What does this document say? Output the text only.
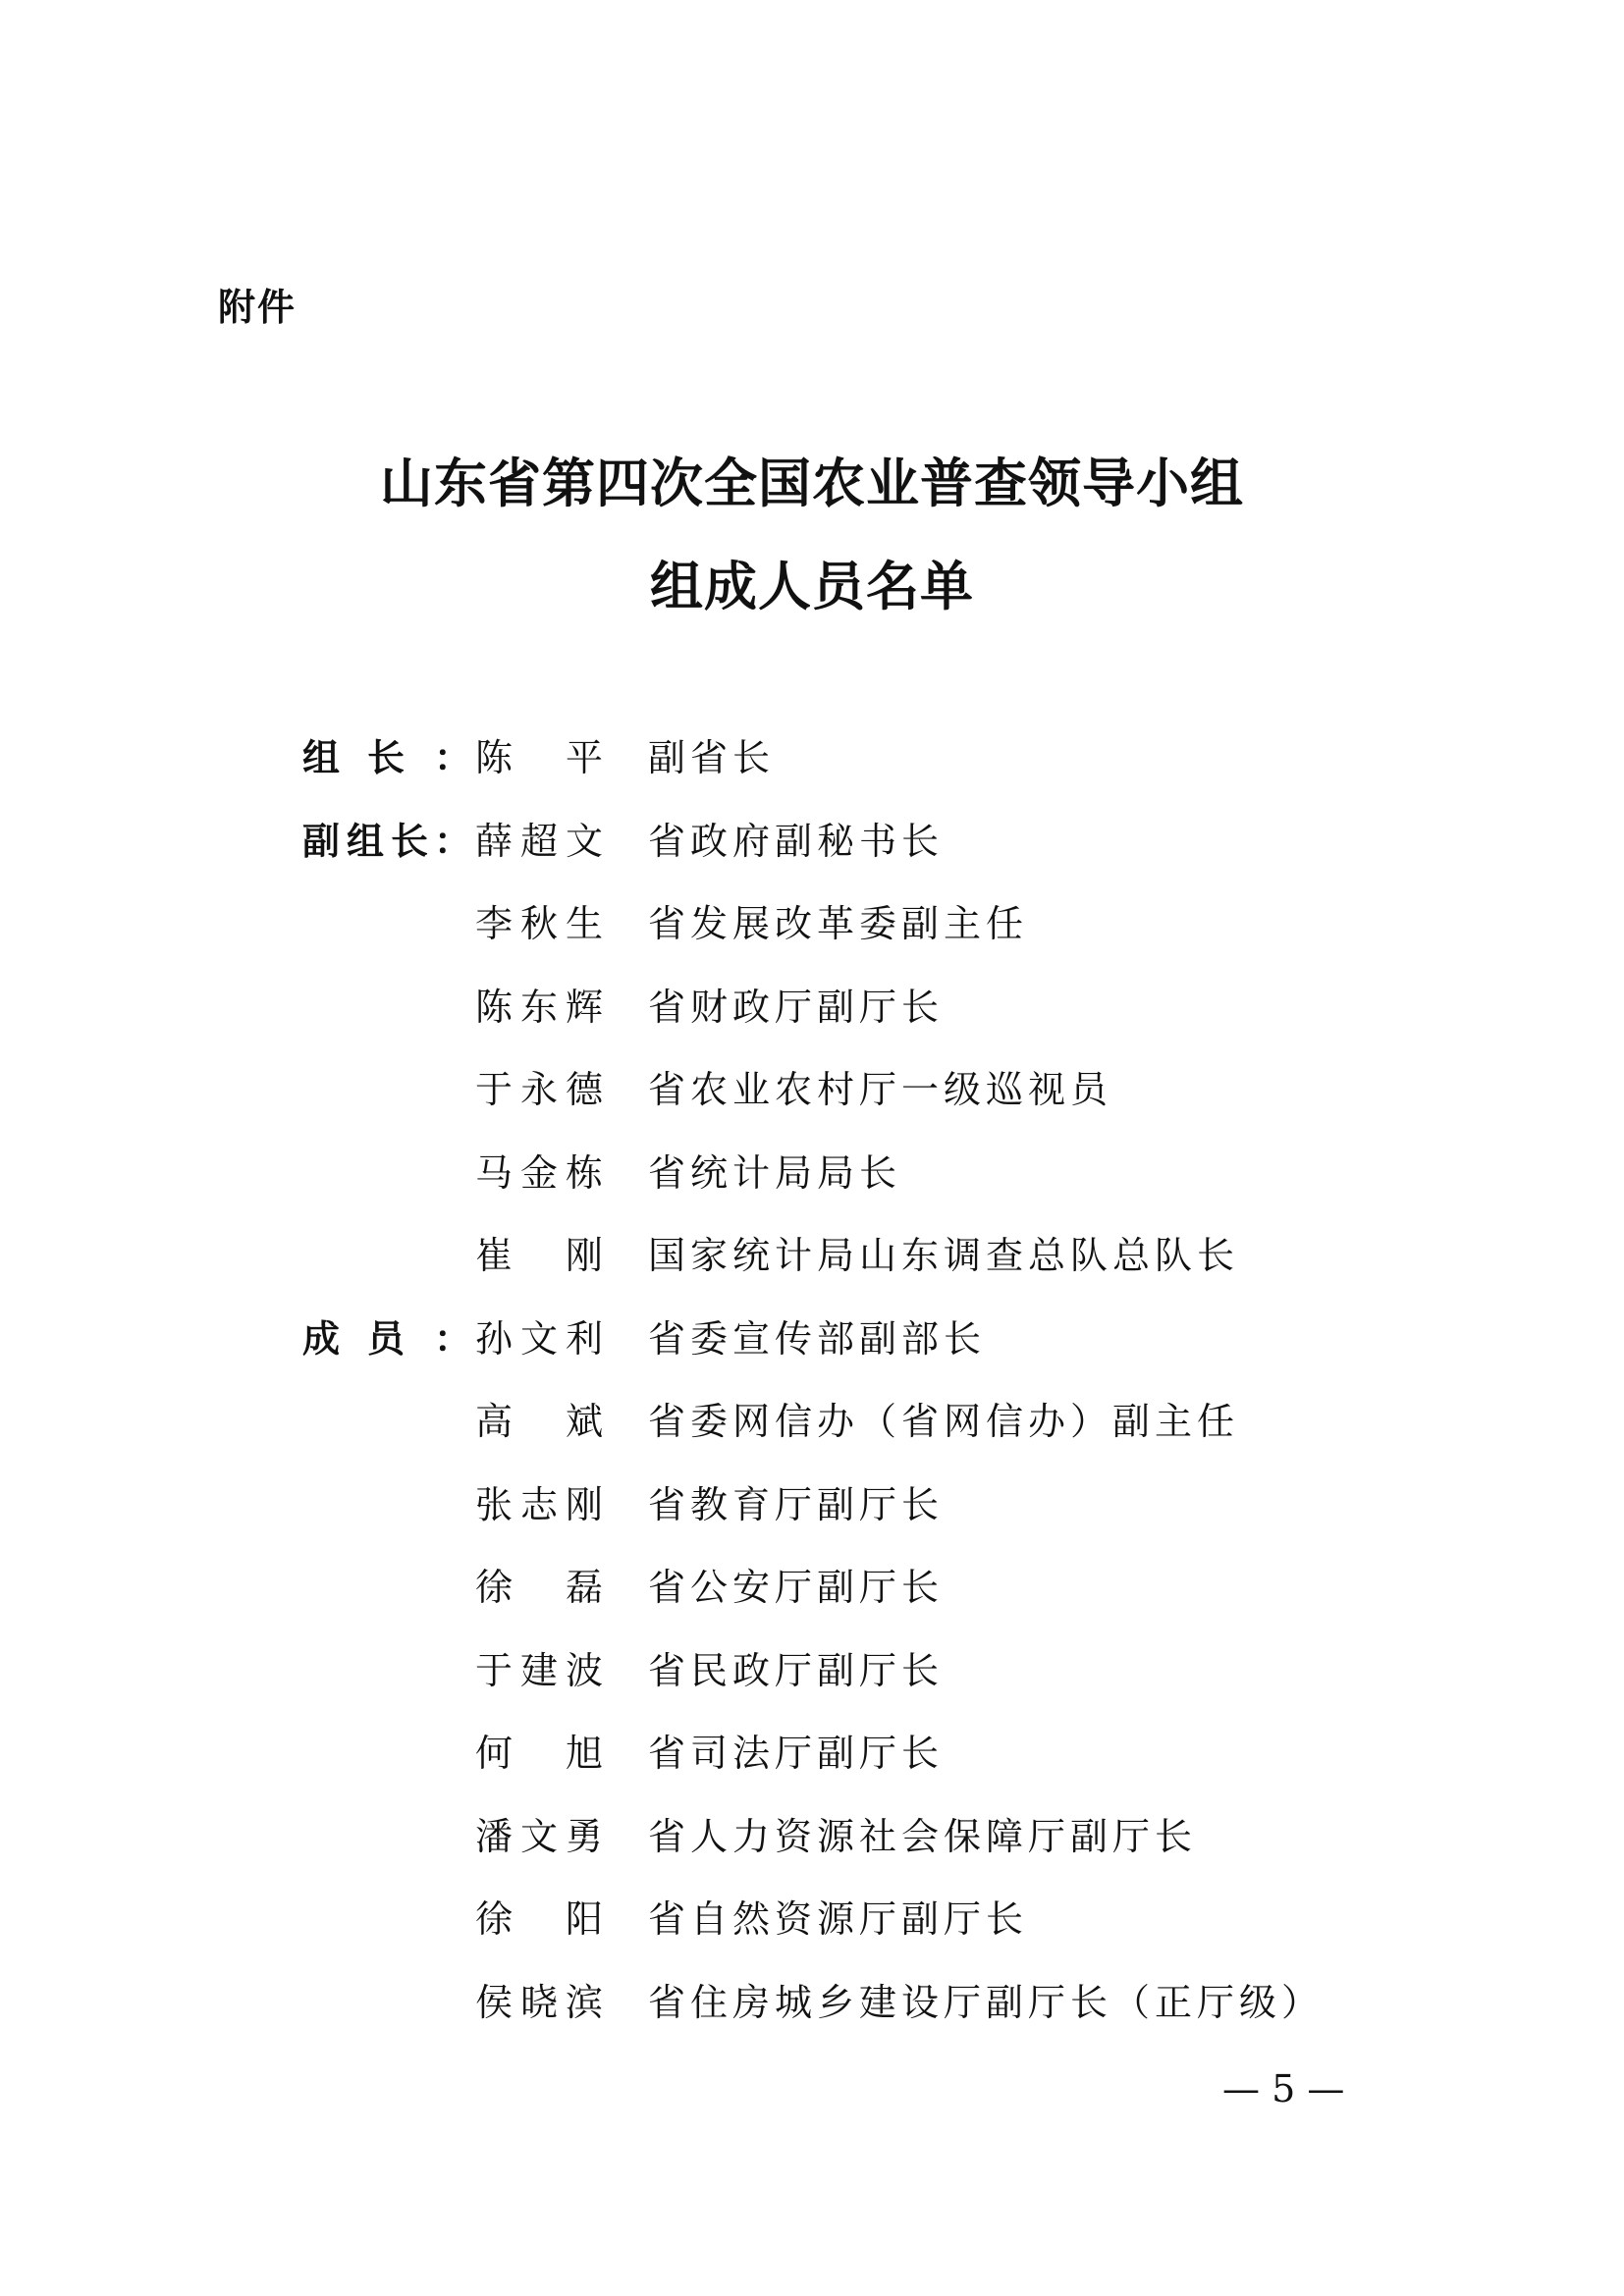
附件
山东省第四次全国农业普查领导小组
组成人员名单
组 长 ： 陈 平 副省长
副 组 长 ： 薛 超 文 省政府副秘书长
李 秋 生 省发展改革委副主任
陈 东 辉 省财政厅副厅长
于 永 德 省农业农村厅一级巡视员
马 金 栋 省统计局局长
崔 刚 国家统计局山东调查总队总队长
成 员 ： 孙 文 利 省委宣传部副部长
高 斌 省委网信办（省网信办）副主任
张 志 刚 省教育厅副厅长
徐 磊 省公安厅副厅长
于 建 波 省民政厅副厅长
何 旭 省司法厅副厅长
潘 文 勇 省人力资源社会保障厅副厅长
徐 阳 省自然资源厅副厅长
侯 晓 滨 省住房城乡建设厅副厅长（正厅级）
— 5 —
